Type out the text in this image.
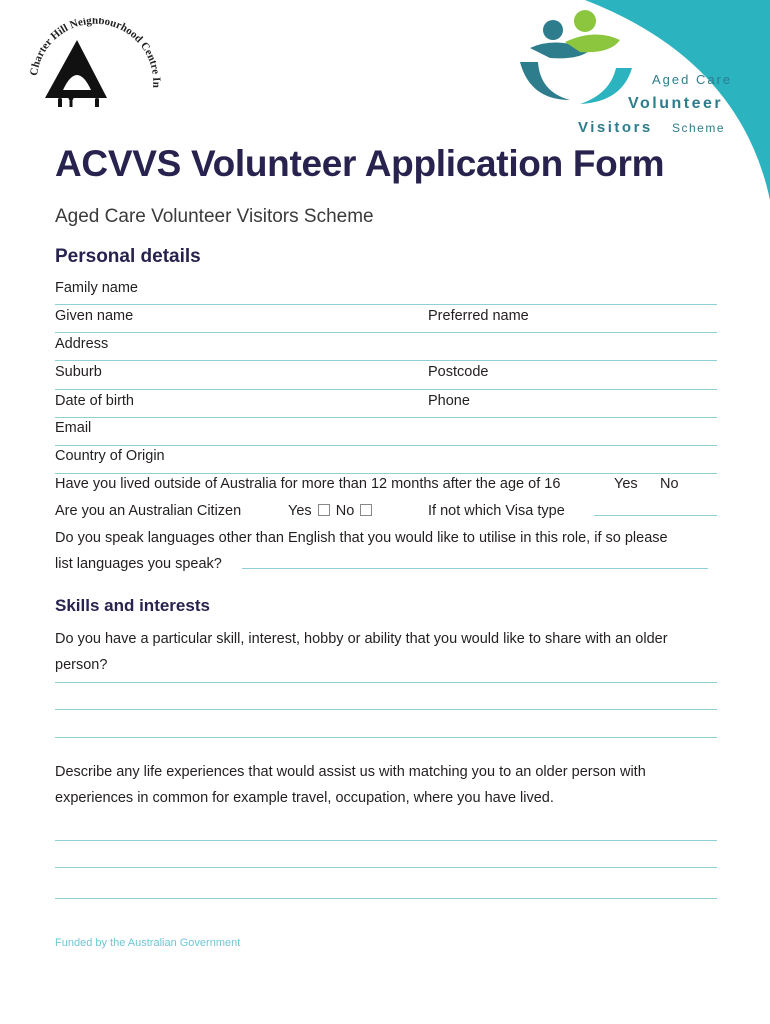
Charter Hill Neighbourhood Centre In	Aged Care
Volunteer
Visitors Scheme
ACVVS Volunteer Application Form
Aged Care Volunteer Visitors Scheme
Personal details
Family name
Given name	Preferred name
Address
Suburb	Postcode
Date of birth	Phone
Email
Country of Origin
Have you lived outside of Australia for more than 12 months after the age of 16	Yes No
Are you an Australian Citizen	Yes No	If not which Visa type
Do you speak languages other than English that you would like to utilise in this role, if so please
list languages you speak?
Skills and interests
Do you have a particular skill, interest, hobby or ability that you would like to share with an older
person?
Describe any life experiences that would assist us with matching you to an older person with
experiences in common for example travel, occupation, where you have lived.
Funded by the Australian Government
